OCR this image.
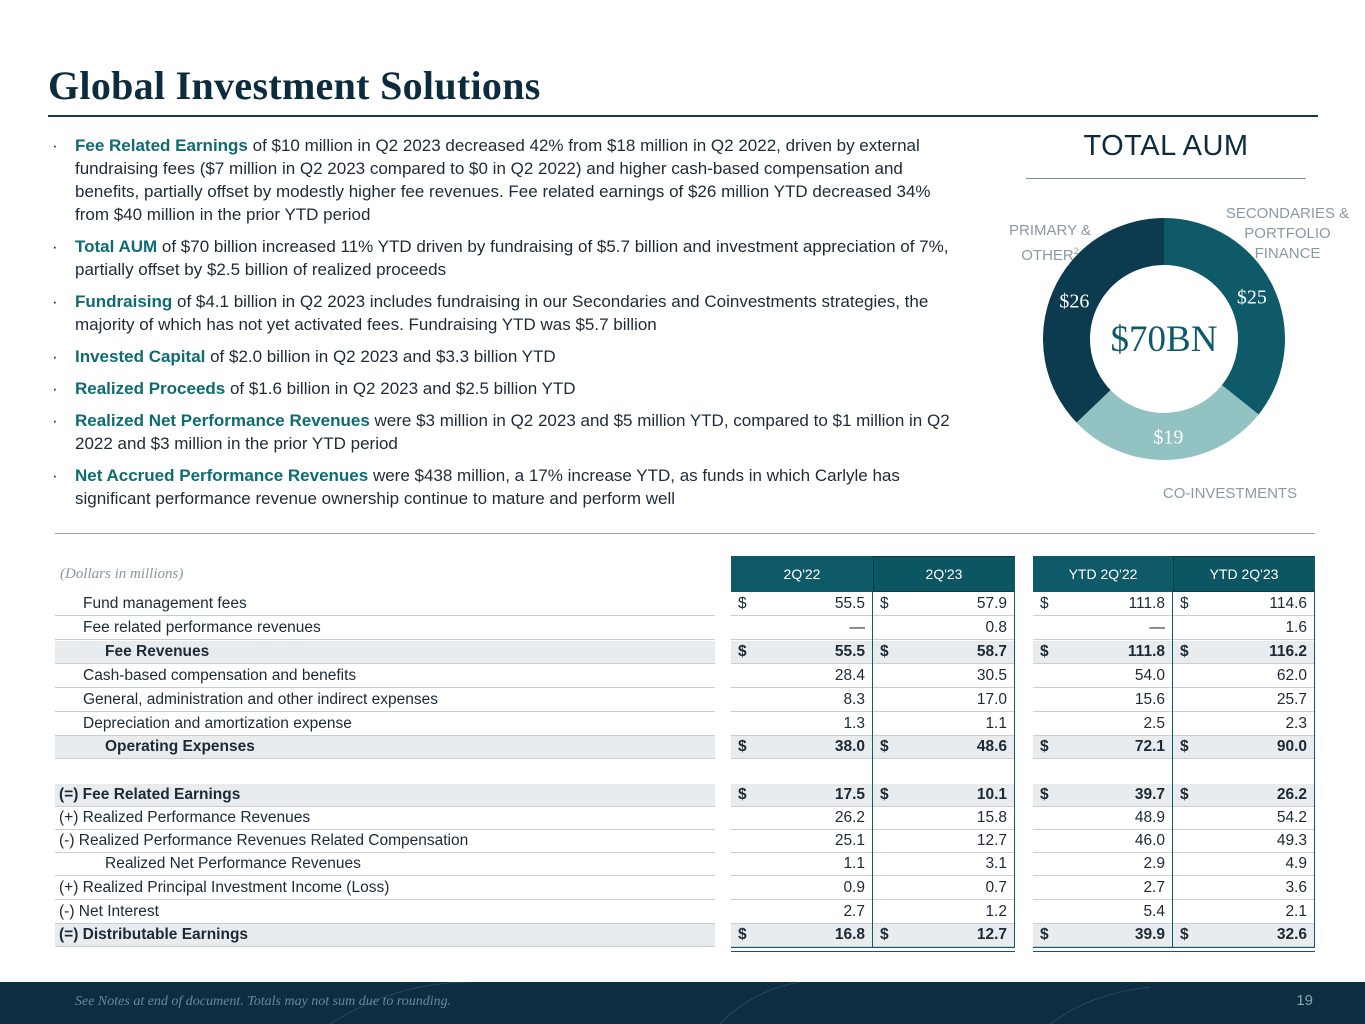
Global Investment Solutions
· Fee Related Earnings of $10 million in Q2 2023 decreased 42% from $18 million in Q2 2022, driven by external fundraising fees ($7 million in Q2 2023 compared to $0 in Q2 2022) and higher cash-based compensation and benefits, partially offset by modestly higher fee revenues. Fee related earnings of $26 million YTD decreased 34% from $40 million in the prior YTD period
· Total AUM of $70 billion increased 11% YTD driven by fundraising of $5.7 billion and investment appreciation of 7%, partially offset by $2.5 billion of realized proceeds
· Fundraising of $4.1 billion in Q2 2023 includes fundraising in our Secondaries and Coinvestments strategies, the majority of which has not yet activated fees. Fundraising YTD was $5.7 billion
· Invested Capital of $2.0 billion in Q2 2023 and $3.3 billion YTD
· Realized Proceeds of $1.6 billion in Q2 2023 and $2.5 billion YTD
· Realized Net Performance Revenues were $3 million in Q2 2023 and $5 million YTD, compared to $1 million in Q2 2022 and $3 million in the prior YTD period
· Net Accrued Performance Revenues were $438 million, a 17% increase YTD, as funds in which Carlyle has significant performance revenue ownership continue to mature and perform well
TOTAL AUM
PRIMARY &
OTHER$^2$
SECONDARIES &
PORTFOLIO
FINANCE
CO-INVESTMENTS
$25
$19
$26
$70BN
(Dollars in millions)	2Q'22	2Q'23	YTD 2Q'22	YTD 2Q'23
Fund management fees	$	55.5 $	57.9 $	111.8 $	114.6
Fee related performance revenues	—	0.8	—	1.6
Fee Revenues	$	55.5 $	58.7 $	111.8 $	116.2
Cash-based compensation and benefits	28.4	30.5	54.0	62.0
General, administration and other indirect expenses	8.3	17.0	15.6	25.7
Depreciation and amortization expense	1.3	1.1	2.5	2.3
Operating Expenses	$	38.0 $	48.6 $	72.1 $	90.0
(=) Fee Related Earnings	$	17.5 $	10.1 $	39.7 $	26.2
(+) Realized Performance Revenues	26.2	15.8	48.9	54.2
(-) Realized Performance Revenues Related Compensation	25.1	12.7	46.0	49.3
Realized Net Performance Revenues	1.1	3.1	2.9	4.9
(+) Realized Principal Investment Income (Loss)	0.9	0.7	2.7	3.6
(-) Net Interest	2.7	1.2	5.4	2.1
(=) Distributable Earnings	$	16.8 $	12.7 $	39.9 $	32.6
See Notes at end of document. Totals may not sum due to rounding.	19
